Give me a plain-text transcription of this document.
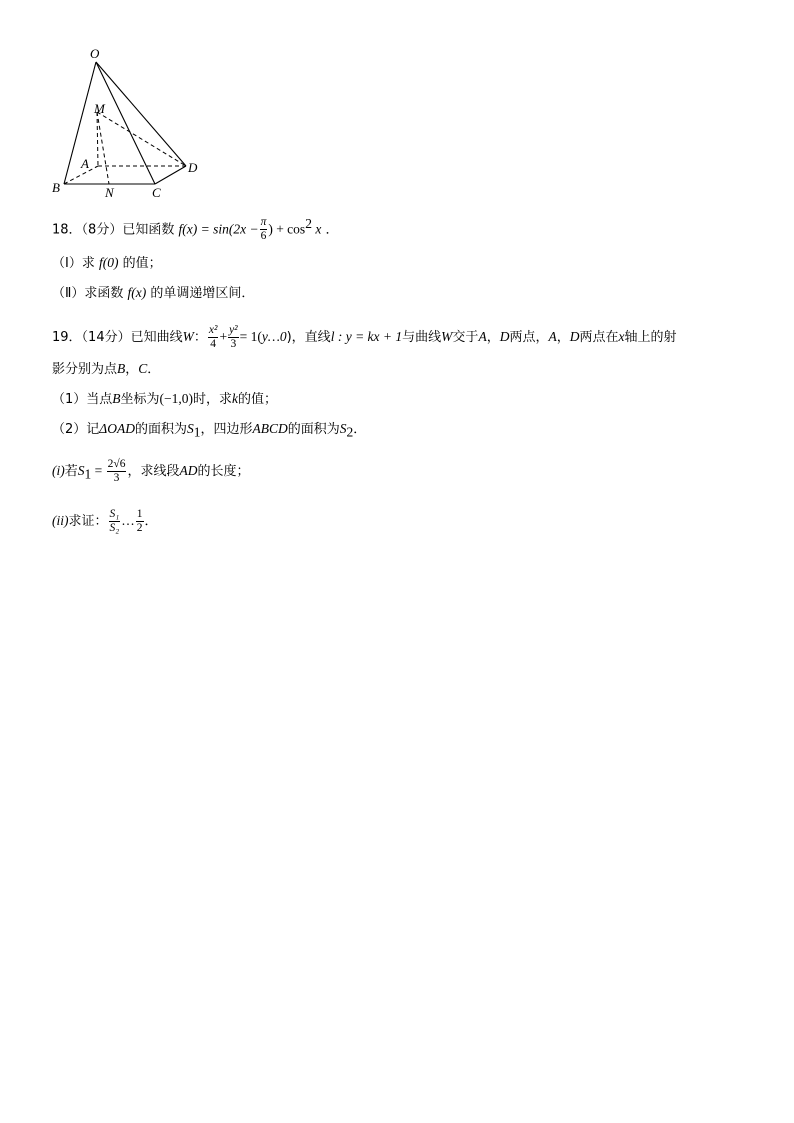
O
M
A	D
B	N	C
18．（8分）已知函数 $f(x) = \sin(2x - \frac{\pi}{6}$ ) + $\cos^2 x$ ．
（Ⅰ）求 f(0) 的值；
（Ⅱ）求函数 f(x) 的单调递增区间．
19．（14分）已知曲线W： $\frac{\text{x²}}{4} + \frac{\text{y²}}{3}$ = 1(y…0)，直线l : y = kx + 1与曲线W交于A，D两点，A，D两点在x轴上的射
影分别为点B，C．
（1）当点B坐标为(−1,0)时，求k的值；
（2）记ΔOAD的面积为$S_1$，四边形ABCD的面积为$S_2$．
(i)若$S_1 = \frac{2√6}{3}$ ，求线段AD的长度；
(ii)求证： $\frac{\text{S₁}}{\text{S₂}}$ … $\frac{1}{2}$ ．
